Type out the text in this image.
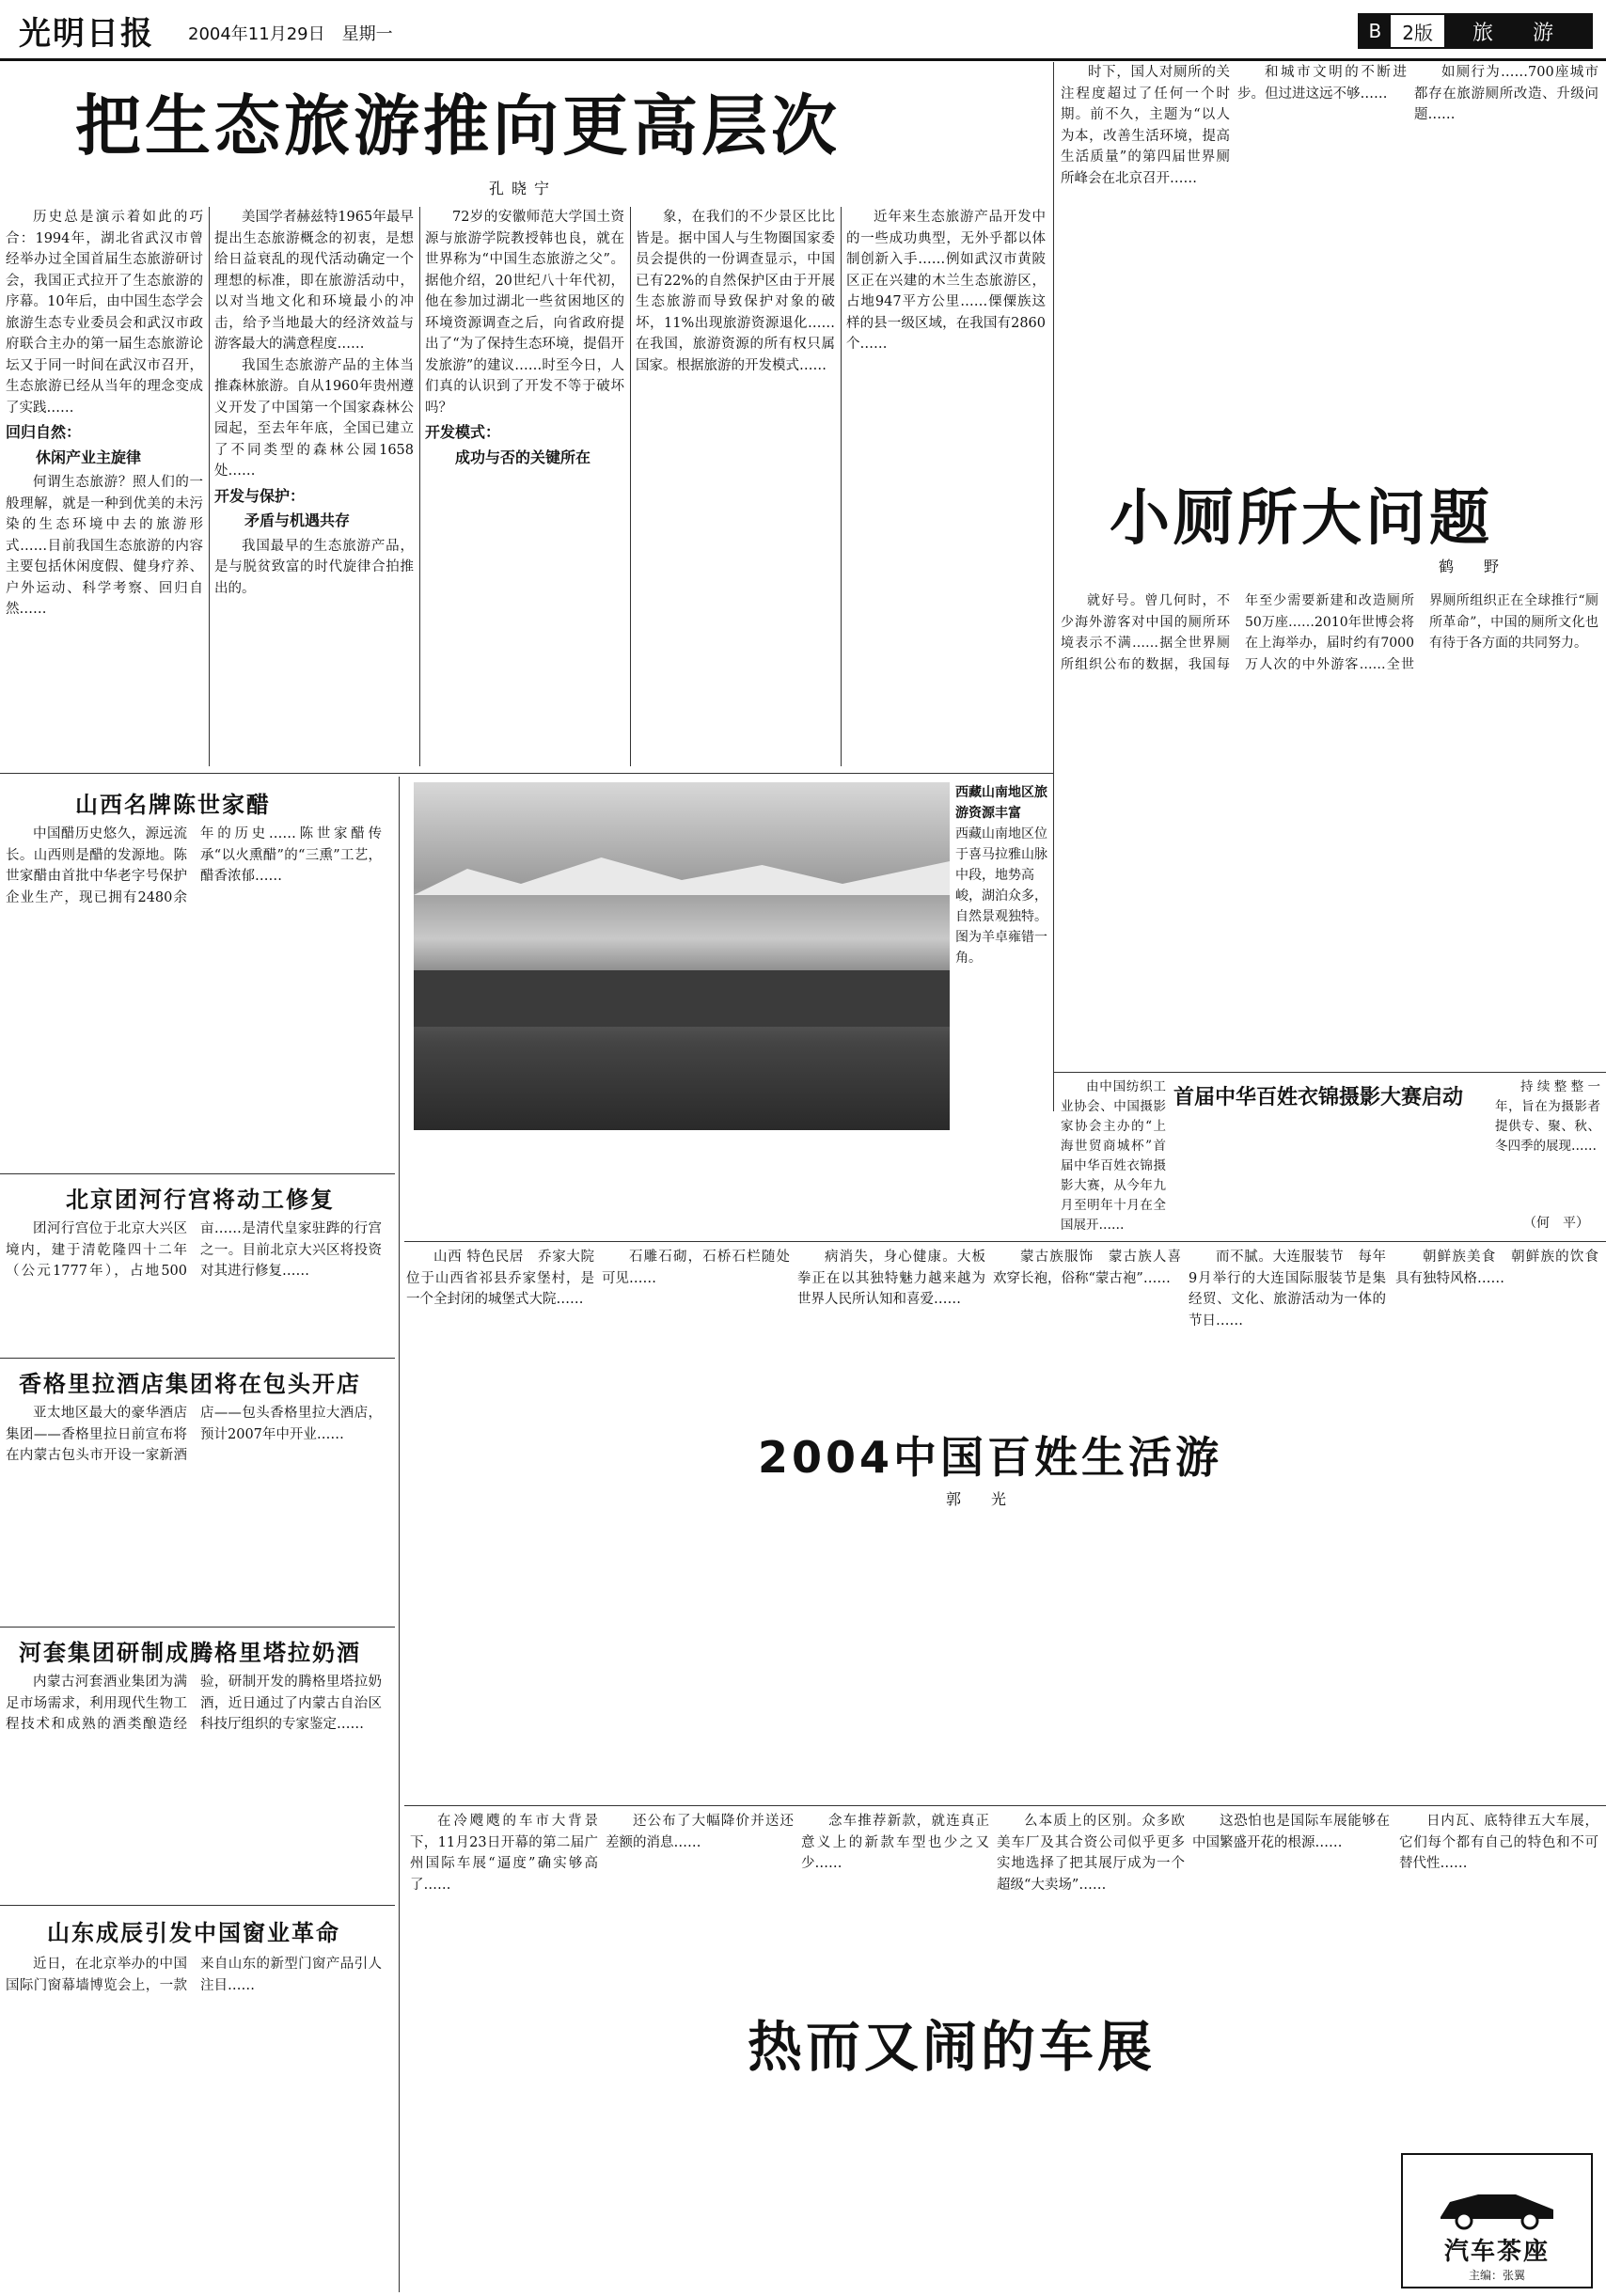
光明日报 2004年11月29日　星期一	B	2版	旅　游
把生态旅游推向更高层次
孔晓宁

历史总是演示着如此的巧合：1994年，湖北省武汉市曾经举办过全国首届生态旅游研讨会，我国正式拉开了生态旅游的序幕。10年后，由中国生态学会旅游生态专业委员会和武汉市政府联合主办的第一届生态旅游论坛又于同一时间在武汉市召开，生态旅游已经从当年的理念变成了实践……

回归自然：
休闲产业主旋律

何谓生态旅游？照人们的一般理解，就是一种到优美的未污染的生态环境中去的旅游形式……目前我国生态旅游的内容主要包括休闲度假、健身疗养、户外运动、科学考察、回归自然……

美国学者赫兹特1965年最早提出生态旅游概念的初衷，是想给日益衰乱的现代活动确定一个理想的标准，即在旅游活动中，以对当地文化和环境最小的冲击，给予当地最大的经济效益与游客最大的满意程度……

我国生态旅游产品的主体当推森林旅游。自从1960年贵州遵义开发了中国第一个国家森林公园起，至去年年底，全国已建立了不同类型的森林公园1658处……

开发与保护：
矛盾与机遇共存

我国最早的生态旅游产品，是与脱贫致富的时代旋律合拍推出的。

72岁的安徽师范大学国土资源与旅游学院教授韩也良，就在世界称为“中国生态旅游之父”。据他介绍，20世纪八十年代初，他在参加过湖北一些贫困地区的环境资源调查之后，向省政府提出了“为了保持生态环境，提倡开发旅游”的建议……时至今日，人们真的认识到了开发不等于破坏吗？

开发模式：
成功与否的关键所在

象，在我们的不少景区比比皆是。据中国人与生物圈国家委员会提供的一份调查显示，中国已有22%的自然保护区由于开展生态旅游而导致保护对象的破坏，11%出现旅游资源退化……在我国，旅游资源的所有权只属国家。根据旅游的开发模式……

近年来生态旅游产品开发中的一些成功典型，无外乎都以体制创新入手……例如武汉市黄陂区正在兴建的木兰生态旅游区，占地947平方公里……傈僳族这样的县一级区域，在我国有2860个……

时下，国人对厕所的关注程度超过了任何一个时期。前不久，主题为“以人为本，改善生活环境，提高生活质量”的第四届世界厕所峰会在北京召开……

和城市文明的不断进步。但过进这远不够……

如厕行为……700座城市都存在旅游厕所改造、升级问题……

小厕所大问题
鹤　野

就好号。曾几何时，不少海外游客对中国的厕所环境表示不满……据全世界厕所组织公布的数据，我国每年至少需要新建和改造厕所50万座……2010年世博会将在上海举办，届时约有7000万人次的中外游客……全世界厕所组织正在全球推行“厕所革命”，中国的厕所文化也有待于各方面的共同努力。

山西名牌陈世家醋

中国醋历史悠久，源远流长。山西则是醋的发源地。陈世家醋由首批中华老字号保护企业生产，现已拥有2480余年的历史……陈世家醋传承“以火熏醋”的“三熏”工艺，醋香浓郁……

北京团河行宫将动工修复

团河行宫位于北京大兴区境内，建于清乾隆四十二年（公元1777年），占地500亩……是清代皇家驻跸的行宫之一。目前北京大兴区将投资对其进行修复……

香格里拉酒店集团将在包头开店

亚太地区最大的豪华酒店集团——香格里拉日前宣布将在内蒙古包头市开设一家新酒店——包头香格里拉大酒店，预计2007年中开业……

河套集团研制成腾格里塔拉奶酒

内蒙古河套酒业集团为满足市场需求，利用现代生物工程技术和成熟的酒类酿造经验，研制开发的腾格里塔拉奶酒，近日通过了内蒙古自治区科技厅组织的专家鉴定……

山东成辰引发中国窗业革命

近日，在北京举办的中国国际门窗幕墙博览会上，一款来自山东的新型门窗产品引人注目……

西藏山南地区旅游资源丰富
西藏山南地区位于喜马拉雅山脉中段，地势高峻，湖泊众多，自然景观独特。图为羊卓雍错一角。

由中国纺织工业协会、中国摄影家协会主办的“上海世贸商城杯”首届中华百姓衣锦摄影大赛，从今年九月至明年十月在全国展开……

首届中华百姓衣锦摄影大赛启动	持续整整一年，旨在为摄影者提供专、聚、秋、冬四季的展现……

（何　平）

山西 特色民居　乔家大院　位于山西省祁县乔家堡村，是一个全封闭的城堡式大院……

石雕石砌，石桥石栏随处可见……

病消失，身心健康。大板拳正在以其独特魅力越来越为世界人民所认知和喜爱……

蒙古族服饰　蒙古族人喜欢穿长袍，俗称“蒙古袍”……

而不腻。大连服装节　每年9月举行的大连国际服装节是集经贸、文化、旅游活动为一体的节日……

朝鲜族美食　朝鲜族的饮食具有独特风格……

2004中国百姓生活游
郭　光

在冷飕飕的车市大背景下，11月23日开幕的第二届广州国际车展“逼度”确实够高了……

还公布了大幅降价并送还差额的消息……

念车推荐新款，就连真正意义上的新款车型也少之又少……

么本质上的区别。众多欧美车厂及其合资公司似乎更多实地选择了把其展厅成为一个超级“大卖场”……

这恐怕也是国际车展能够在中国繁盛开花的根源……

日内瓦、底特律五大车展，它们每个都有自己的特色和不可替代性……

热而又闹的车展
汽车茶座
主编：张翼
